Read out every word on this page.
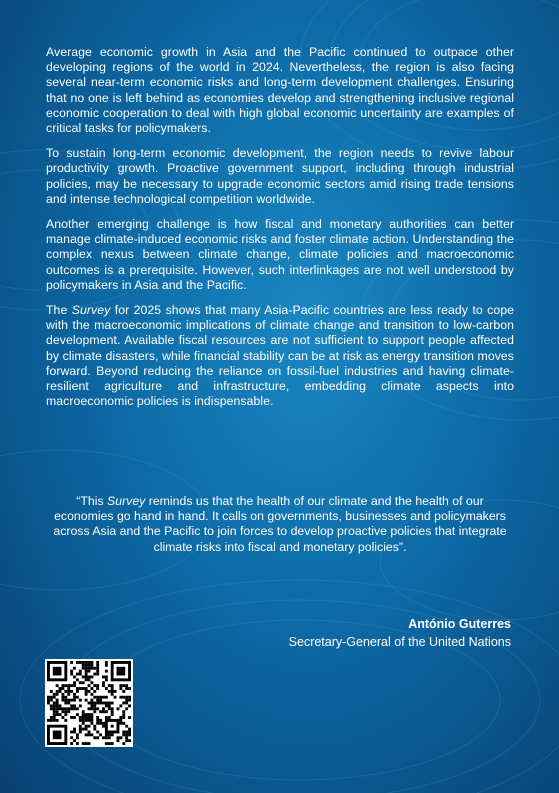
Average economic growth in Asia and the Pacific continued to outpace other developing regions of the world in 2024. Nevertheless, the region is also facing several near-term economic risks and long-term development challenges. Ensuring that no one is left behind as economies develop and strengthening inclusive regional economic cooperation to deal with high global economic uncertainty are examples of critical tasks for policymakers.

To sustain long-term economic development, the region needs to revive labour productivity growth. Proactive government support, including through industrial policies, may be necessary to upgrade economic sectors amid rising trade tensions and intense technological competition worldwide.

Another emerging challenge is how fiscal and monetary authorities can better manage climate-induced economic risks and foster climate action. Understanding the complex nexus between climate change, climate policies and macroeconomic outcomes is a prerequisite. However, such interlinkages are not well understood by policymakers in Asia and the Pacific.

The Survey for 2025 shows that many Asia-Pacific countries are less ready to cope with the macroeconomic implications of climate change and transition to low-carbon development. Available fiscal resources are not sufficient to support people affected by climate disasters, while financial stability can be at risk as energy transition moves forward. Beyond reducing the reliance on fossil-fuel industries and having climate-resilient agriculture and infrastructure, embedding climate aspects into macroeconomic policies is indispensable.

“This Survey reminds us that the health of our climate and the health of our economies go hand in hand. It calls on governments, businesses and policymakers across Asia and the Pacific to join forces to develop proactive policies that integrate climate risks into fiscal and monetary policies”.
António Guterres
Secretary-General of the United Nations
